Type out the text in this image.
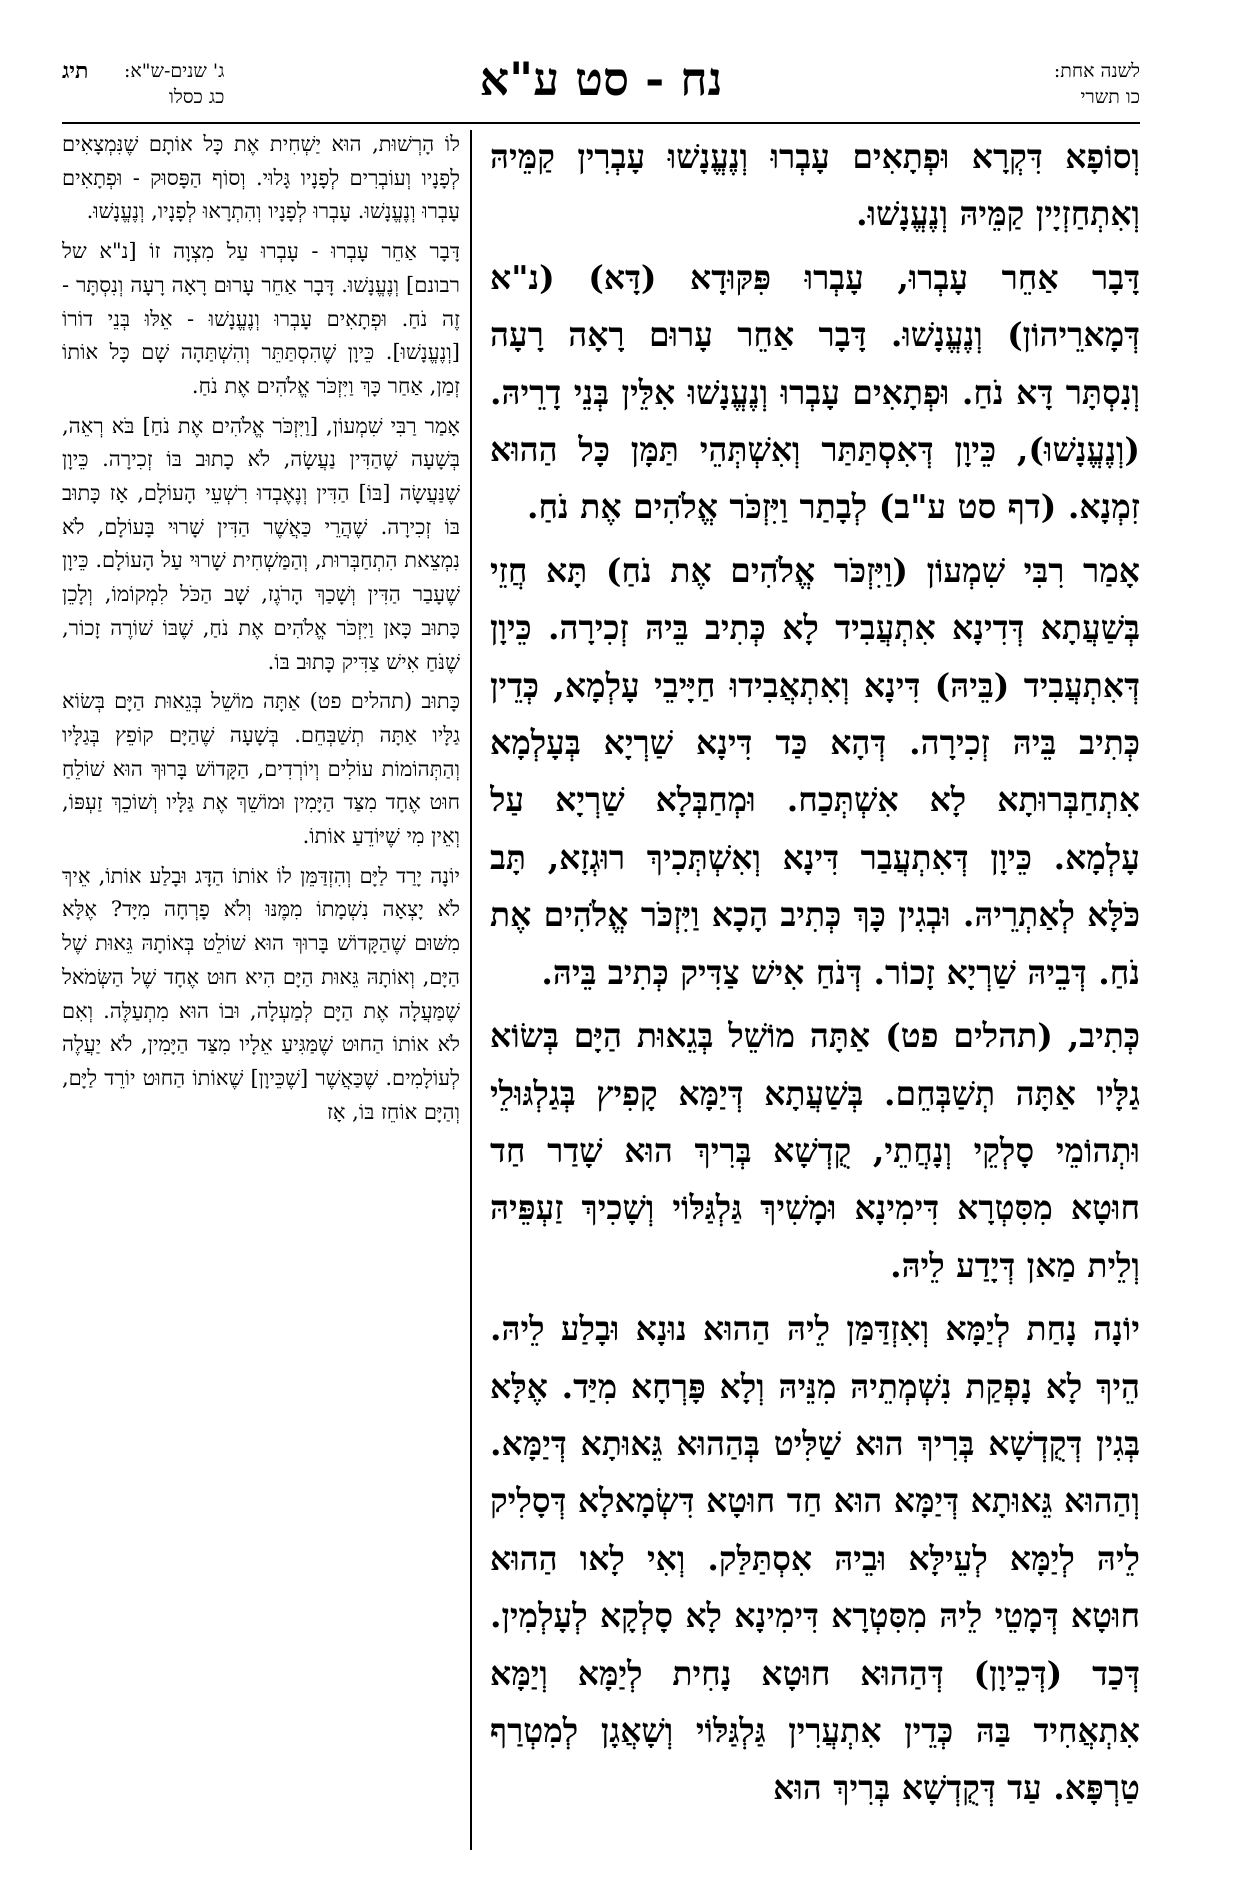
לשנה אחת:
כו תשרי
נח - סט ע"א
ג' שנים-ש"א:
כג כסלו
תיג

וְסוֹפָא דִּקְרָא וּפְתָאִים עָבְרוּ וְנֶעֱנָשׁוּ עָבְרִין קַמֵּיהּ וְאִתְחַזְיָין קַמֵּיהּ וְנֶעֱנָשׁוּ.

דָּבָר אַחֵר עָבְרוּ, עָבְרוּ פִּקּוּדָא (דָּא) (נ"א דְּמָארֵיהוֹן) וְנֶעֱנָשׁוּ. דָּבָר אַחֵר עָרוּם רָאָה רָעָה וְנִסְתָּר דָּא נֹחַ. וּפְתָאִים עָבְרוּ וְנֶעֱנָשׁוּ אִלֵּין בְּנֵי דָרֵיהּ. (וְנֶעֱנָשׁוּ), כֵּיוָן דְּאִסְתַּתַּר וְאִשְׁתְּהֵי תַּמָּן כָּל הַהוּא זִמְנָא. (דף סט ע"ב) לְבָתַר וַיִּזְכֹּר אֱלֹהִים אֶת נֹחַ.

אָמַר רִבִּי שִׁמְעוֹן (וַיִּזְכֹּר אֱלֹהִים אֶת נֹחַ) תָּא חֲזֵי בְּשַׁעֲתָא דְּדִינָא אִתְעֲבִיד לָא כְּתִיב בֵּיהּ זְכִירָה. כֵּיוָן דְּאִתְעֲבִיד (בֵּיהּ) דִּינָא וְאִתְאֲבִידוּ חַיָּיבֵי עָלְמָא, כְּדֵין כְּתִיב בֵּיהּ זְכִירָה. דְּהָא כַּד דִּינָא שַׁרְיָא בְּעָלְמָא אִתְחַבְּרוּתָא לָא אִשְׁתְּכַח. וּמְחַבְּלָא שַׁרְיָא עַל עָלְמָא. כֵּיוָן דְּאִתְעֲבַר דִּינָא וְאִשְׁתְּכִיךְ רוּגְזָא, תָּב כֹּלָּא לְאַתְרֵיהּ. וּבְגִין כָּךְ כְּתִיב הָכָא וַיִּזְכֹּר אֱלֹהִים אֶת נֹחַ. דְּבֵיהּ שַׁרְיָא זָכוֹר. דְּנֹחַ אִישׁ צַדִּיק כְּתִיב בֵּיהּ.

כְּתִיב, (תהלים פט) אַתָּה מוֹשֵׁל בְּגֵאוּת הַיָּם בְּשׂוֹא גַלָּיו אַתָּה תְשַׁבְּחֵם. בְּשַׁעֲתָא דְּיַמָּא קָפִיץ בְּגַלְגּוּלֵי וּתְהוֹמֵי סָלְקֵי וְנָחֲתֵי, קֻדְשָׁא בְּרִיךְ הוּא שָׁדַר חַד חוּטָא מִסִּטְרָא דִּימִינָא וּמָשִׁיךְ גַּלְגַּלּוֹי וְשָׁכִיךְ זַעְפֵּיהּ וְלֵית מַאן דְּיָדַע לֵיהּ.

יוֹנָה נָחַת לְיַמָּא וְאִזְדַּמַּן לֵיהּ הַהוּא נוּנָא וּבָלַע לֵיהּ. הֵיךְ לָא נָפְקַת נִשְׁמְתֵיהּ מִנֵּיהּ וְלָא פָּרְחָא מִיַּד. אֶלָּא בְּגִין דְּקֻדְשָׁא בְּרִיךְ הוּא שַׁלִּיט בְּהַהוּא גֵּאוּתָא דְּיַמָּא. וְהַהוּא גֵּאוּתָא דְּיַמָּא הוּא חַד חוּטָא דִּשְׂמָאלָא דְּסָלִיק לֵיהּ לְיַמָּא לְעֵילָּא וּבֵיהּ אִסְתַּלַּק. וְאִי לָאו הַהוּא חוּטָא דְּמָטֵי לֵיהּ מִסִּטְרָא דִּימִינָא לָא סָלְקָא לְעָלְמִין. דְּכַד (דְּכֵיוָן) דְּהַהוּא חוּטָא נָחִית לְיַמָּא וְיַמָּא אִתְאֲחִיד בַּהּ כְּדֵין אִתְעֲרִין גַּלְגַּלּוֹי וְשָׁאֲגָן לְמִטְרַף טַרְפָּא. עַד דְּקֻדְשָׁא בְּרִיךְ הוּא

לוֹ הָרְשׁוּת, הוּא יַשְׁחִית אֶת כָּל אוֹתָם שֶׁנִּמְצָאִים לְפָנָיו וְעוֹבְרִים לְפָנָיו גָּלוּי. וְסוֹף הַפָּסוּק - וּפְתָאִים עָבְרוּ וְנֶעֱנָשׁוּ. עָבְרוּ לְפָנָיו וְהִתְרָאוּ לְפָנָיו, וְנֶעֱנָשׁוּ.

דָּבָר אַחֵר עָבְרוּ - עָבְרוּ עַל מִצְוָה זוֹ [נ"א של רבונם] וְנֶעֱנָשׁוּ. דָּבָר אַחֵר עָרוּם רָאָה רָעָה וְנִסְתָּר - זֶה נֹחַ. וּפְתָאִים עָבְרוּ וְנֶעֱנָשׁוּ - אֵלּוּ בְּנֵי דוֹרוֹ [וְנֶעֱנָשׁוּ]. כֵּיוָן שֶׁהִסְתַּתֵּר וְהִשְׁתַּהָה שָׁם כָּל אוֹתוֹ זְמַן, אַחַר כָּךְ וַיִּזְכֹּר אֱלֹהִים אֶת נֹחַ.

אָמַר רַבִּי שִׁמְעוֹן, [וַיִּזְכֹּר אֱלֹהִים אֶת נֹחַ] בֹּא רְאֵה, בְּשָׁעָה שֶׁהַדִּין נַעֲשָׂה, לֹא כָתוּב בּוֹ זְכִירָה. כֵּיוָן שֶׁנַּעֲשָׂה [בּוֹ] הַדִּין וְנֶאֶבְדוּ רִשְׁעֵי הָעוֹלָם, אָז כָּתוּב בּוֹ זְכִירָה. שֶׁהֲרֵי כַּאֲשֶׁר הַדִּין שָׁרוּי בָּעוֹלָם, לֹא נִמְצֵאת הִתְחַבְּרוּת, וְהַמַּשְׁחִית שָׁרוּי עַל הָעוֹלָם. כֵּיוָן שֶׁעָבַר הַדִּין וְשָׁכַךְ הָרֹגֶז, שָׁב הַכֹּל לִמְקוֹמוֹ, וְלָכֵן כָּתוּב כָּאן וַיִּזְכֹּר אֱלֹהִים אֶת נֹחַ, שֶׁבּוֹ שׁוֹרֶה זָכוֹר, שֶׁנֹּחַ אִישׁ צַדִּיק כָּתוּב בּוֹ.

כָּתוּב (תהלים פט) אַתָּה מוֹשֵׁל בְּגֵאוּת הַיָּם בְּשׂוֹא גַלָּיו אַתָּה תְשַׁבְּחֵם. בְּשָׁעָה שֶׁהַיָּם קוֹפֵץ בְּגַלָּיו וְהַתְּהוֹמוֹת עוֹלִים וְיוֹרְדִים, הַקָּדוֹשׁ בָּרוּךְ הוּא שׁוֹלֵחַ חוּט אֶחָד מִצַּד הַיָּמִין וּמוֹשֵׁךְ אֶת גַּלָּיו וְשׁוֹכֵךְ זַעְפּוֹ, וְאֵין מִי שֶׁיּוֹדֵעַ אוֹתוֹ.

יוֹנָה יָרַד לַיָּם וְהִזְדַּמֵּן לוֹ אוֹתוֹ הַדָּג וּבָלַע אוֹתוֹ, אֵיךְ לֹא יָצְאָה נִשְׁמָתוֹ מִמֶּנּוּ וְלֹא פָרְחָה מִיָּד? אֶלָּא מִשּׁוּם שֶׁהַקָּדוֹשׁ בָּרוּךְ הוּא שׁוֹלֵט בְּאוֹתָהּ גֵּאוּת שֶׁל הַיָּם, וְאוֹתָהּ גֵּאוּת הַיָּם הִיא חוּט אֶחָד שֶׁל הַשְּׂמֹאל שֶׁמַּעֲלָה אֶת הַיָּם לְמַעְלָה, וּבוֹ הוּא מִתְעַלֶּה. וְאִם לֹא אוֹתוֹ הַחוּט שֶׁמַּגִּיעַ אֵלָיו מִצַּד הַיָּמִין, לֹא יַעֲלֶה לְעוֹלָמִים. שֶׁכַּאֲשֶׁר [שֶׁכֵּיוָן] שֶׁאוֹתוֹ הַחוּט יוֹרֵד לַיָּם, וְהַיָּם אוֹחֵז בּוֹ, אָז
